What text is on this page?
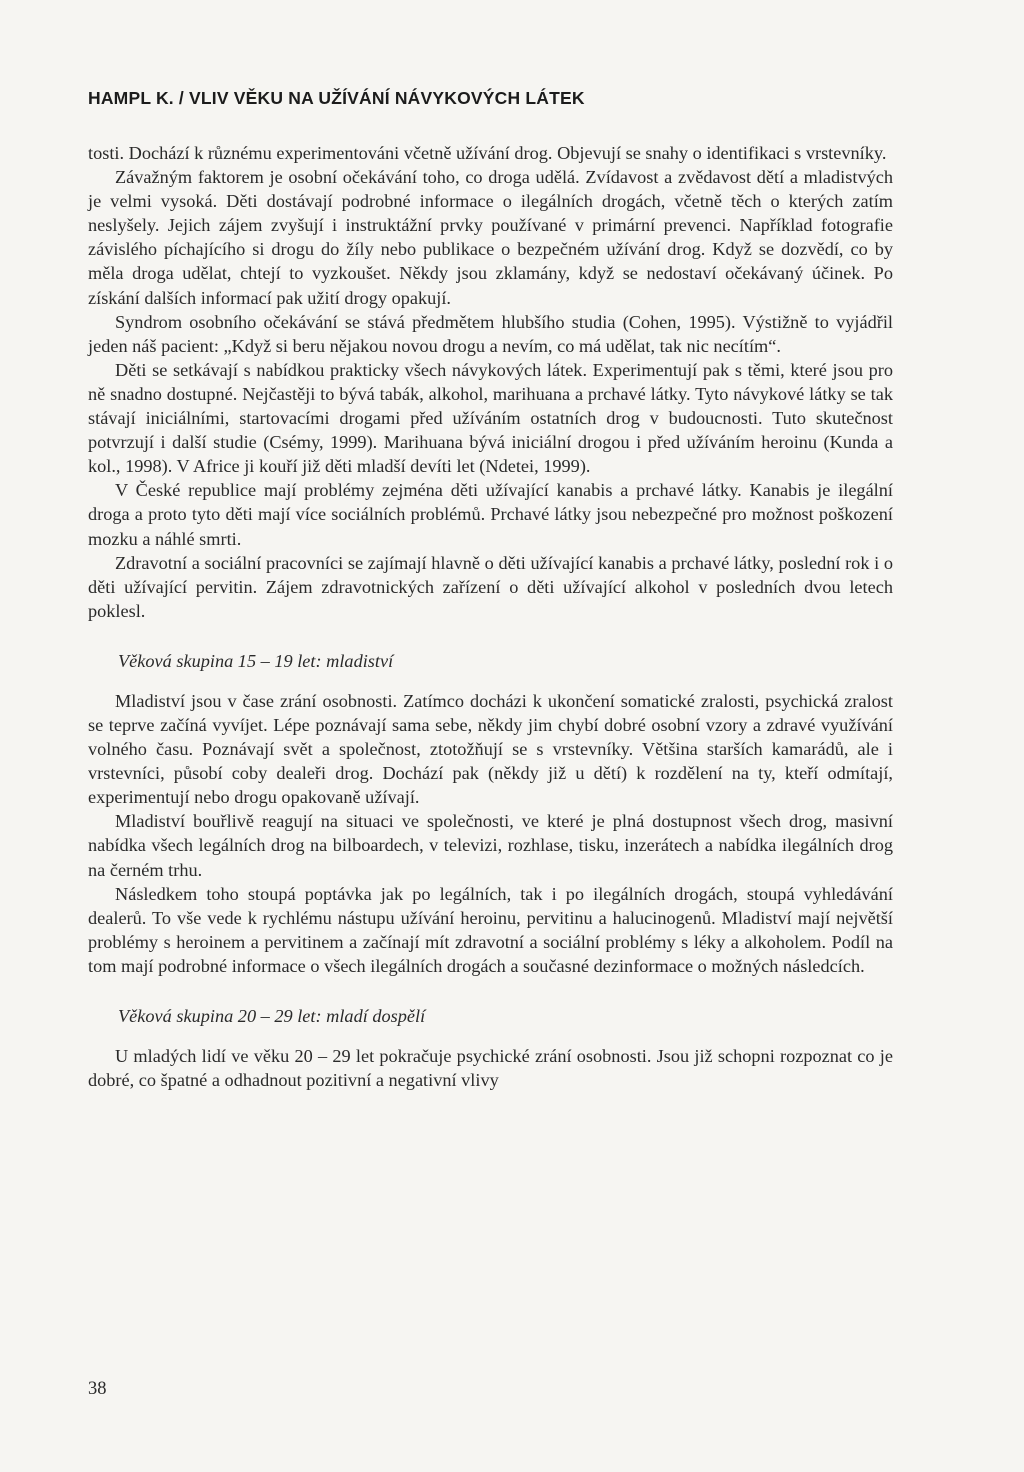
HAMPL K. / VLIV VĚKU NA UŽÍVÁNÍ NÁVYKOVÝCH LÁTEK

tosti. Dochází k různému experimentováni včetně užívání drog. Objevují se snahy o identifikaci s vrstevníky.

Závažným faktorem je osobní očekávání toho, co droga udělá. Zvídavost a zvědavost dětí a mladistvých je velmi vysoká. Děti dostávají podrobné informace o ilegálních drogách, včetně těch o kterých zatím neslyšely. Jejich zájem zvyšují i instruktážní prvky používané v primární prevenci. Například fotografie závislého píchajícího si drogu do žíly nebo publikace o bezpečném užívání drog. Když se dozvědí, co by měla droga udělat, chtejí to vyzkoušet. Někdy jsou zklamány, když se nedostaví očekávaný účinek. Po získání dalších informací pak užití drogy opakují.

Syndrom osobního očekávání se stává předmětem hlubšího studia (Cohen, 1995). Výstižně to vyjádřil jeden náš pacient: „Když si beru nějakou novou drogu a nevím, co má udělat, tak nic necítím“.

Děti se setkávají s nabídkou prakticky všech návykových látek. Experimentují pak s těmi, které jsou pro ně snadno dostupné. Nejčastěji to bývá tabák, alkohol, marihuana a prchavé látky. Tyto návykové látky se tak stávají iniciálními, startovacími drogami před užíváním ostatních drog v budoucnosti. Tuto skutečnost potvrzují i další studie (Csémy, 1999). Marihuana bývá iniciální drogou i před užíváním heroinu (Kunda a kol., 1998). V Africe ji kouří již děti mladší devíti let (Ndetei, 1999).

V České republice mají problémy zejména děti užívající kanabis a prchavé látky. Kanabis je ilegální droga a proto tyto děti mají více sociálních problémů. Prchavé látky jsou nebezpečné pro možnost poškození mozku a náhlé smrti.

Zdravotní a sociální pracovníci se zajímají hlavně o děti užívající kanabis a prchavé látky, poslední rok i o děti užívající pervitin. Zájem zdravotnických zařízení o děti užívající alkohol v posledních dvou letech poklesl.

Věková skupina 15 – 19 let: mladiství

Mladiství jsou v čase zrání osobnosti. Zatímco docházi k ukončení somatické zralosti, psychická zralost se teprve začíná vyvíjet. Lépe poznávají sama sebe, někdy jim chybí dobré osobní vzory a zdravé využívání volného času. Poznávají svět a společnost, ztotožňují se s vrstevníky. Většina starších kamarádů, ale i vrstevníci, působí coby dealeři drog. Dochází pak (někdy již u dětí) k rozdělení na ty, kteří odmítají, experimentují nebo drogu opakovaně užívají.

Mladiství bouřlivě reagují na situaci ve společnosti, ve které je plná dostupnost všech drog, masivní nabídka všech legálních drog na bilboardech, v televizi, rozhlase, tisku, inzerátech a nabídka ilegálních drog na černém trhu.

Následkem toho stoupá poptávka jak po legálních, tak i po ilegálních drogách, stoupá vyhledávání dealerů. To vše vede k rychlému nástupu užívání heroinu, pervitinu a halucinogenů. Mladiství mají největší problémy s heroinem a pervitinem a začínají mít zdravotní a sociální problémy s léky a alkoholem. Podíl na tom mají podrobné informace o všech ilegálních drogách a současné dezinformace o možných následcích.

Věková skupina 20 – 29 let: mladí dospělí

U mladých lidí ve věku 20 – 29 let pokračuje psychické zrání osobnosti. Jsou již schopni rozpoznat co je dobré, co špatné a odhadnout pozitivní a negativní vlivy

38
